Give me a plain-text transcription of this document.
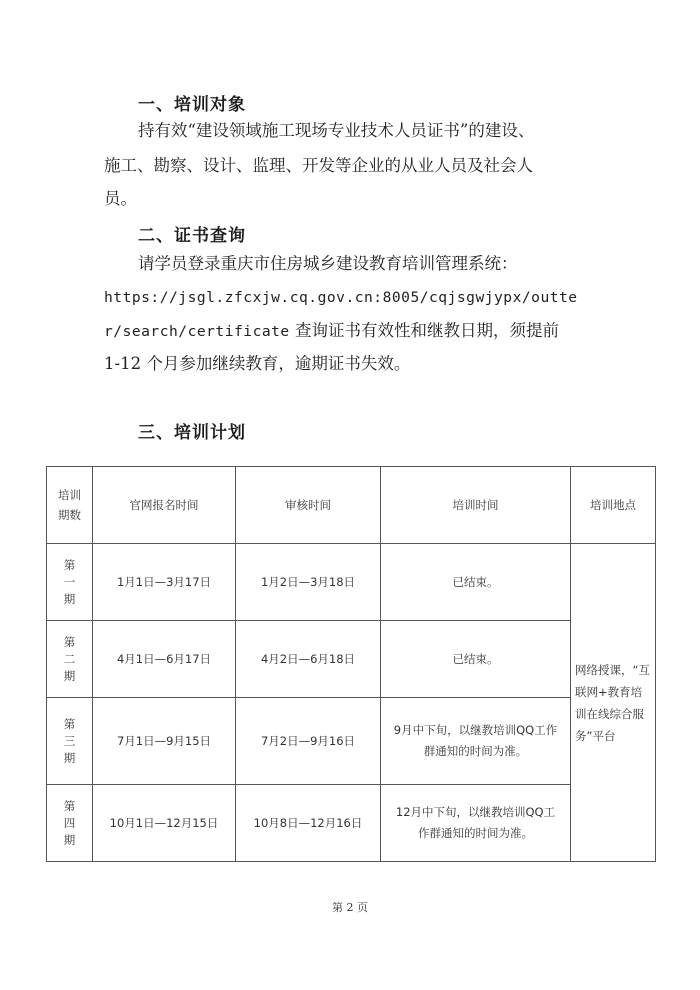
一、培训对象
持有效“建设领域施工现场专业技术人员证书”的建设、
施工、勘察、设计、监理、开发等企业的从业人员及社会人
员。
二、证书查询
请学员登录重庆市住房城乡建设教育培训管理系统：
https://jsgl.zfcxjw.cq.gov.cn:8005/cqjsgwjypx/outte
r/search/certificate 查询证书有效性和继教日期，须提前
1-12 个月参加继续教育，逾期证书失效。
三、培训计划
培训期数	官网报名时间	审核时间	培训时间	培训地点
第一期	1月1日—3月17日	1月2日—3月18日	已结束。	网络授课，“互联网+教育培训在线综合服务”平台
第二期	4月1日—6月17日	4月2日—6月18日	已结束。	
第三期	7月1日—9月15日	7月2日—9月16日	9月中下旬，以继教培训QQ工作群通知的时间为准。	
第四期	10月1日—12月15日	10月8日—12月16日	12月中下旬，以继教培训QQ工作群通知的时间为准。	
第 2 页
